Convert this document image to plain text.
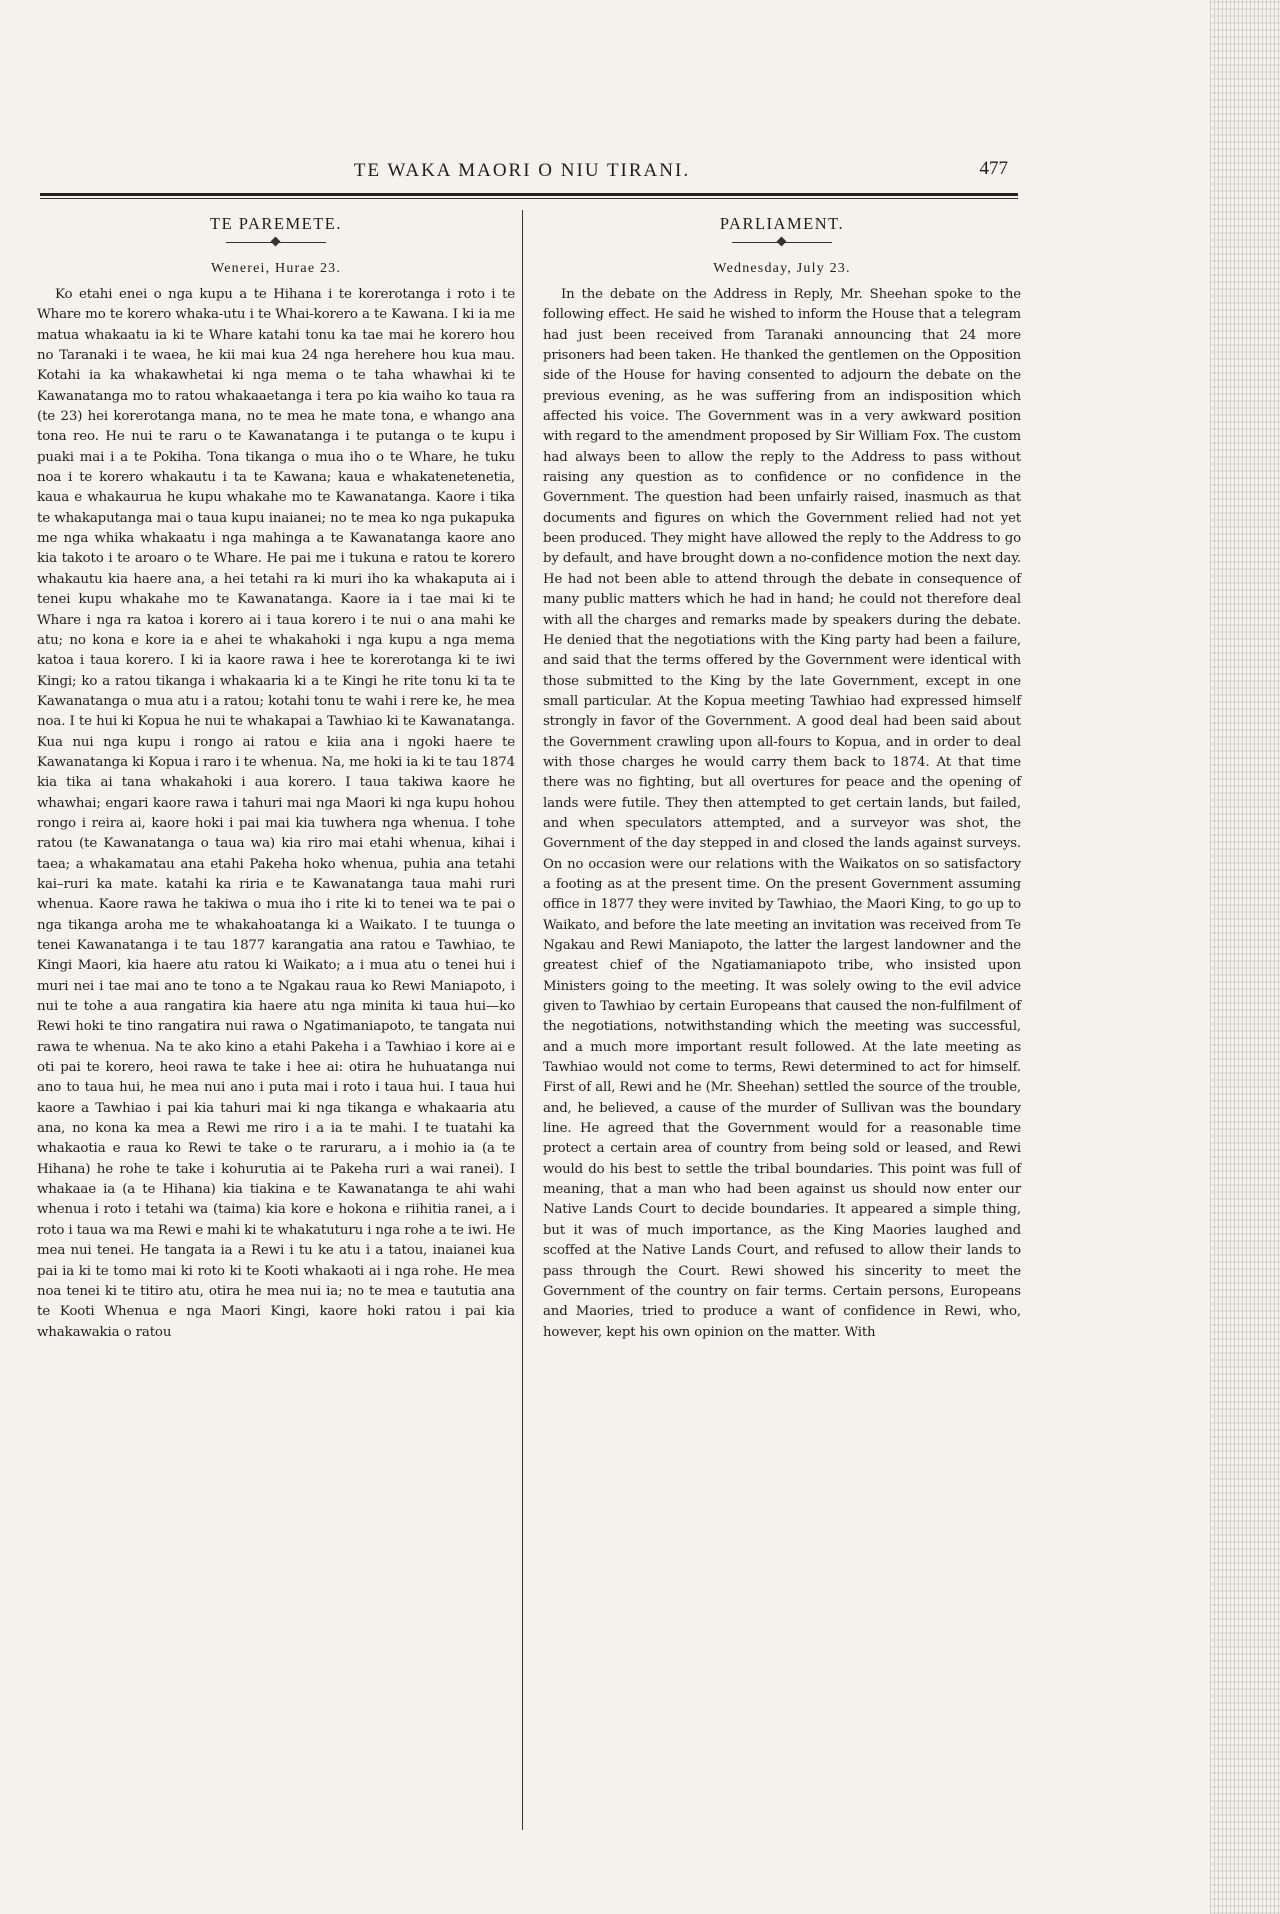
TE WAKA MAORI O NIU TIRANI.	477
TE PAREMETE.
Wenerei, Hurae 23.
Ko etahi enei o nga kupu a te Hihana i te korerotanga i roto i te Whare mo te korero whaka-utu i te Whai-korero a te Kawana. I ki ia me matua whakaatu ia ki te Whare katahi tonu ka tae mai he korero hou no Taranaki i te waea, he kii mai kua 24 nga herehere hou kua mau. Kotahi ia ka whakawhetai ki nga mema o te taha whawhai ki te Kawanatanga mo to ratou whakaaetanga i tera po kia waiho ko taua ra (te 23) hei korerotanga mana, no te mea he mate tona, e whango ana tona reo. He nui te raru o te Kawanatanga i te putanga o te kupu i puaki mai i a te Pokiha. Tona tikanga o mua iho o te Whare, he tuku noa i te korero whakautu i ta te Kawana; kaua e whakatenetenetia, kaua e whakaurua he kupu whakahe mo te Kawanatanga. Kaore i tika te whakaputanga mai o taua kupu inaianei; no te mea ko nga pukapuka me nga whika whakaatu i nga mahinga a te Kawanatanga kaore ano kia takoto i te aroaro o te Whare. He pai me i tukuna e ratou te korero whakautu kia haere ana, a hei tetahi ra ki muri iho ka whakaputa ai i tenei kupu whakahe mo te Kawanatanga. Kaore ia i tae mai ki te Whare i nga ra katoa i korero ai i taua korero i te nui o ana mahi ke atu; no kona e kore ia e ahei te whakahoki i nga kupu a nga mema katoa i taua korero. I ki ia kaore rawa i hee te korerotanga ki te iwi Kingi; ko a ratou tikanga i whakaaria ki a te Kingi he rite tonu ki ta te Kawanatanga o mua atu i a ratou; kotahi tonu te wahi i rere ke, he mea noa. I te hui ki Kopua he nui te whakapai a Tawhiao ki te Kawanatanga. Kua nui nga kupu i rongo ai ratou e kiia ana i ngoki haere te Kawanatanga ki Kopua i raro i te whenua. Na, me hoki ia ki te tau 1874 kia tika ai tana whakahoki i aua korero. I taua takiwa kaore he whawhai; engari kaore rawa i tahuri mai nga Maori ki nga kupu hohou rongo i reira ai, kaore hoki i pai mai kia tuwhera nga whenua. I tohe ratou (te Kawanatanga o taua wa) kia riro mai etahi whenua, kihai i taea; a whakamatau ana etahi Pakeha hoko whenua, puhia ana tetahi kai–ruri ka mate. katahi ka riria e te Kawanatanga taua mahi ruri whenua. Kaore rawa he takiwa o mua iho i rite ki to tenei wa te pai o nga tikanga aroha me te whakahoatanga ki a Waikato. I te tuunga o tenei Kawanatanga i te tau 1877 karangatia ana ratou e Tawhiao, te Kingi Maori, kia haere atu ratou ki Waikato; a i mua atu o tenei hui i muri nei i tae mai ano te tono a te Ngakau raua ko Rewi Maniapoto, i nui te tohe a aua rangatira kia haere atu nga minita ki taua hui—ko Rewi hoki te tino rangatira nui rawa o Ngatimaniapoto, te tangata nui rawa te whenua. Na te ako kino a etahi Pakeha i a Tawhiao i kore ai e oti pai te korero, heoi rawa te take i hee ai: otira he huhuatanga nui ano to taua hui, he mea nui ano i puta mai i roto i taua hui. I taua hui kaore a Tawhiao i pai kia tahuri mai ki nga tikanga e whakaaria atu ana, no kona ka mea a Rewi me riro i a ia te mahi. I te tuatahi ka whakaotia e raua ko Rewi te take o te raruraru, a i mohio ia (a te Hihana) he rohe te take i kohurutia ai te Pakeha ruri a wai ranei). I whakaae ia (a te Hihana) kia tiakina e te Kawanatanga te ahi wahi whenua i roto i tetahi wa (taima) kia kore e hokona e riihitia ranei, a i roto i taua wa ma Rewi e mahi ki te whakatuturu i nga rohe a te iwi. He mea nui tenei. He tangata ia a Rewi i tu ke atu i a tatou, inaianei kua pai ia ki te tomo mai ki roto ki te Kooti whakaoti ai i nga rohe. He mea noa tenei ki te titiro atu, otira he mea nui ia; no te mea e taututia ana te Kooti Whenua e nga Maori Kingi, kaore hoki ratou i pai kia whakawakia o ratou
PARLIAMENT.
Wednesday, July 23.
In the debate on the Address in Reply, Mr. Sheehan spoke to the following effect. He said he wished to inform the House that a telegram had just been received from Taranaki announcing that 24 more prisoners had been taken. He thanked the gentlemen on the Opposition side of the House for having consented to adjourn the debate on the previous evening, as he was suffering from an indisposition which affected his voice. The Government was in a very awkward position with regard to the amendment proposed by Sir William Fox. The custom had always been to allow the reply to the Address to pass without raising any question as to confidence or no confidence in the Government. The question had been unfairly raised, inasmuch as that documents and figures on which the Government relied had not yet been produced. They might have allowed the reply to the Address to go by default, and have brought down a no-confidence motion the next day. He had not been able to attend through the debate in consequence of many public matters which he had in hand; he could not therefore deal with all the charges and remarks made by speakers during the debate. He denied that the negotiations with the King party had been a failure, and said that the terms offered by the Government were identical with those submitted to the King by the late Government, except in one small particular. At the Kopua meeting Tawhiao had expressed himself strongly in favor of the Government. A good deal had been said about the Government crawling upon all-fours to Kopua, and in order to deal with those charges he would carry them back to 1874. At that time there was no fighting, but all overtures for peace and the opening of lands were futile. They then attempted to get certain lands, but failed, and when speculators attempted, and a surveyor was shot, the Government of the day stepped in and closed the lands against surveys. On no occasion were our relations with the Waikatos on so satisfactory a footing as at the present time. On the present Government assuming office in 1877 they were invited by Tawhiao, the Maori King, to go up to Waikato, and before the late meeting an invitation was received from Te Ngakau and Rewi Maniapoto, the latter the largest landowner and the greatest chief of the Ngatiamaniapoto tribe, who insisted upon Ministers going to the meeting. It was solely owing to the evil advice given to Tawhiao by certain Europeans that caused the non-fulfilment of the negotiations, notwithstanding which the meeting was successful, and a much more important result followed. At the late meeting as Tawhiao would not come to terms, Rewi determined to act for himself. First of all, Rewi and he (Mr. Sheehan) settled the source of the trouble, and, he believed, a cause of the murder of Sullivan was the boundary line. He agreed that the Government would for a reasonable time protect a certain area of country from being sold or leased, and Rewi would do his best to settle the tribal boundaries. This point was full of meaning, that a man who had been against us should now enter our Native Lands Court to decide boundaries. It appeared a simple thing, but it was of much importance, as the King Maories laughed and scoffed at the Native Lands Court, and refused to allow their lands to pass through the Court. Rewi showed his sincerity to meet the Government of the country on fair terms. Certain persons, Europeans and Maories, tried to produce a want of confidence in Rewi, who, however, kept his own opinion on the matter. With
